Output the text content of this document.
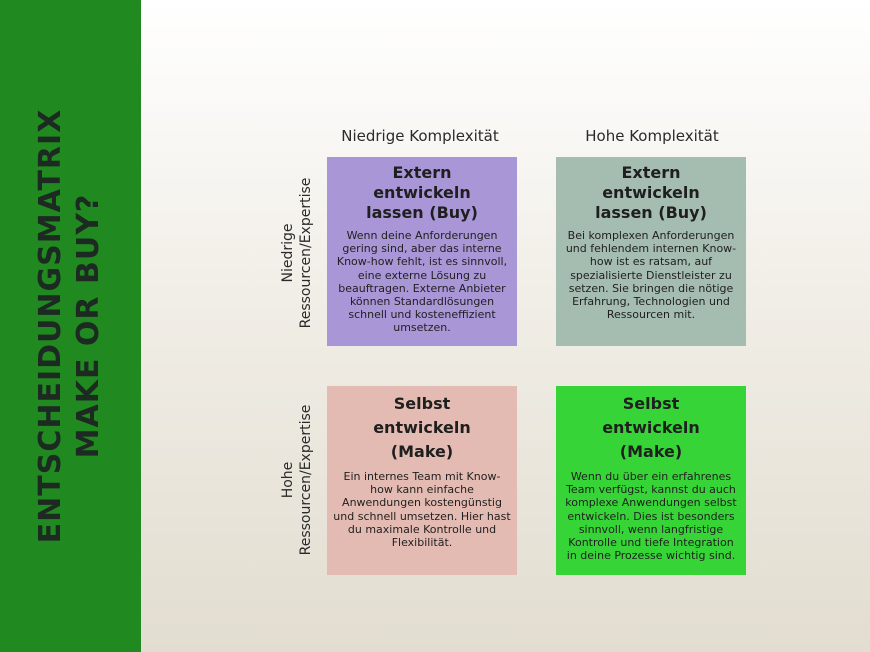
ENTSCHEIDUNGSMATRIX MAKE OR BUY?
Niedrige Komplexität	Hohe Komplexität
Niedrige Ressourcen/Expertise
Hohe Ressourcen/Expertise
Extern
entwickeln
lassen (Buy)
Wenn deine Anforderungen gering sind, aber das interne Know-how fehlt, ist es sinnvoll, eine externe Lösung zu beauftragen. Externe Anbieter können Standardlösungen schnell und kosteneffizient umsetzen.
Extern
entwickeln
lassen (Buy)
Bei komplexen Anforderungen und fehlendem internen Know-how ist es ratsam, auf spezialisierte Dienstleister zu setzen. Sie bringen die nötige Erfahrung, Technologien und Ressourcen mit.
Selbst
entwickeln
(Make)
Ein internes Team mit Know-how kann einfache Anwendungen kostengünstig und schnell umsetzen. Hier hast du maximale Kontrolle und Flexibilität.
Selbst
entwickeln
(Make)
Wenn du über ein erfahrenes Team verfügst, kannst du auch komplexe Anwendungen selbst entwickeln. Dies ist besonders sinnvoll, wenn langfristige Kontrolle und tiefe Integration in deine Prozesse wichtig sind.
